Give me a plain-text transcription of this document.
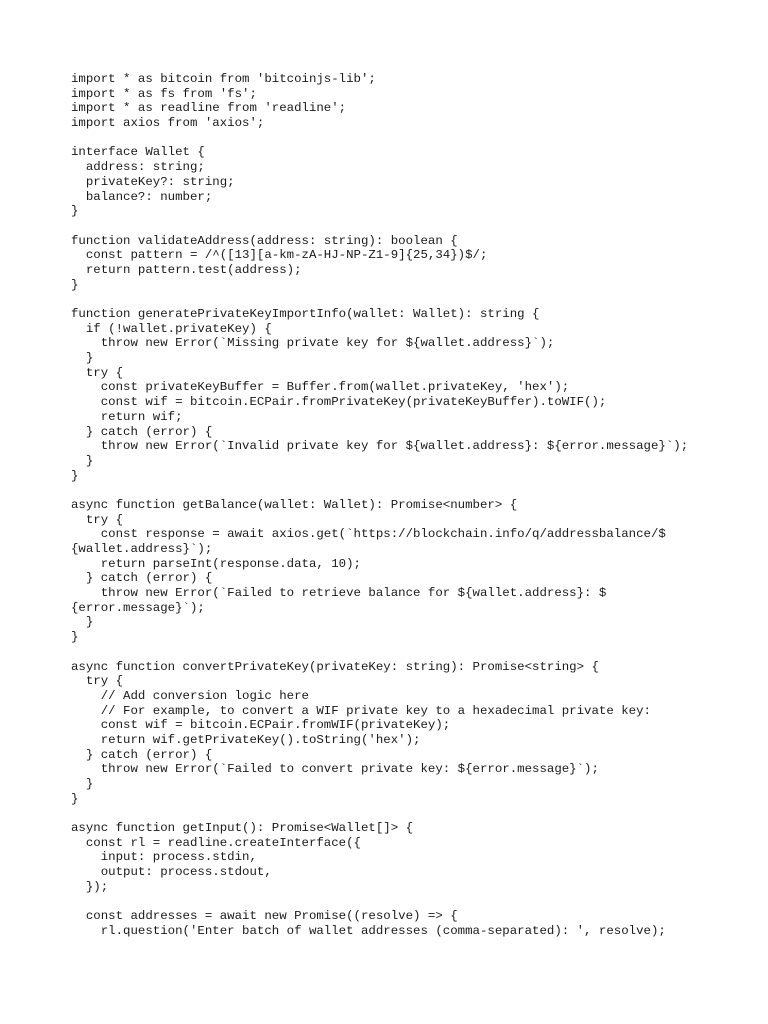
import * as bitcoin from 'bitcoinjs-lib';
import * as fs from 'fs';
import * as readline from 'readline';
import axios from 'axios';
interface Wallet {
address: string;
privateKey?: string;
balance?: number;
}
function validateAddress(address: string): boolean {
const pattern = /^([13][a-km-zA-HJ-NP-Z1-9]{25,34})$/;
return pattern.test(address);
}
function generatePrivateKeyImportInfo(wallet: Wallet): string {
if (!wallet.privateKey) {
throw new Error(`Missing private key for ${wallet.address}`);
}
try {
const privateKeyBuffer = Buffer.from(wallet.privateKey, 'hex');
const wif = bitcoin.ECPair.fromPrivateKey(privateKeyBuffer).toWIF();
return wif;
} catch (error) {
throw new Error(`Invalid private key for ${wallet.address}: ${error.message}`);
}
}
async function getBalance(wallet: Wallet): Promise<number> {
try {
const response = await axios.get(`https://blockchain.info/q/addressbalance/$
{wallet.address}`);
return parseInt(response.data, 10);
} catch (error) {
throw new Error(`Failed to retrieve balance for ${wallet.address}: $
{error.message}`);
}
}
async function convertPrivateKey(privateKey: string): Promise<string> {
try {
// Add conversion logic here
// For example, to convert a WIF private key to a hexadecimal private key:
const wif = bitcoin.ECPair.fromWIF(privateKey);
return wif.getPrivateKey().toString('hex');
} catch (error) {
throw new Error(`Failed to convert private key: ${error.message}`);
}
}
async function getInput(): Promise<Wallet[]> {
const rl = readline.createInterface({
input: process.stdin,
output: process.stdout,
});
const addresses = await new Promise((resolve) => {
rl.question('Enter batch of wallet addresses (comma-separated): ', resolve);
